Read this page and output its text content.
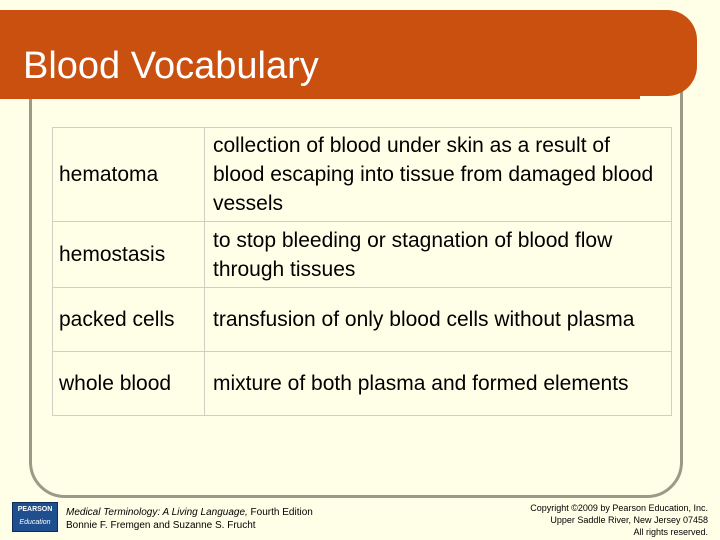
Blood Vocabulary
hematoma	collection of blood under skin as a result of blood escaping into tissue from damaged blood vessels
hemostasis	to stop bleeding or stagnation of blood flow through tissues
packed cells	transfusion of only blood cells without plasma
whole blood	mixture of both plasma and formed elements
PEARSON
Education
Medical Terminology: A Living Language, Fourth Edition
Bonnie F. Fremgen and Suzanne S. Frucht
Copyright ©2009 by Pearson Education, Inc.
Upper Saddle River, New Jersey 07458
All rights reserved.
